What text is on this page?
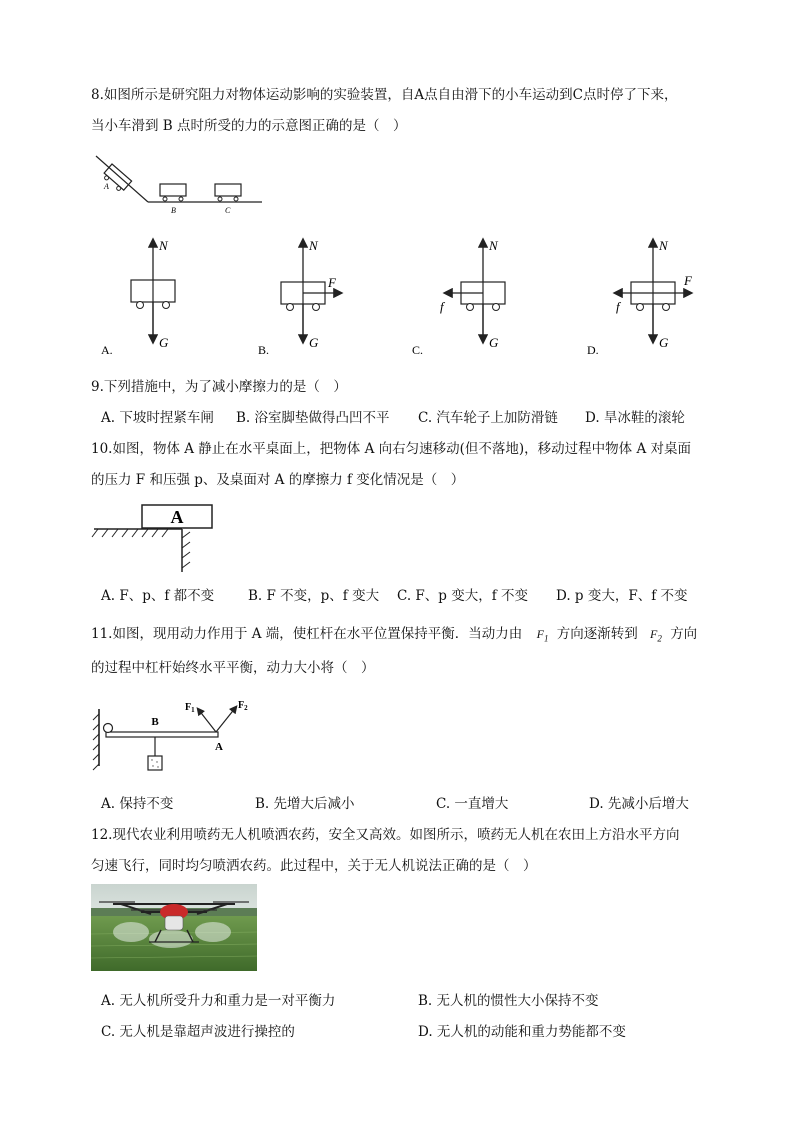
8.如图所示是研究阻力对物体运动影响的实验装置，自A点自由滑下的小车运动到C点时停了下来，
当小车滑到 B 点时所受的力的示意图正确的是（　）
A
B	C
N
G
A.
N
F
G
B.
N
f
G
C.
N
F
f
G
D.
9.下列措施中，为了减小摩擦力的是（　）
A. 下坡时捏紧车闸 B. 浴室脚垫做得凸凹不平 C. 汽车轮子上加防滑链 D. 旱冰鞋的滚轮
10.如图，物体 A 静止在水平桌面上，把物体 A 向右匀速移动(但不落地)，移动过程中物体 A 对桌面
的压力 F 和压强 p、及桌面对 A 的摩擦力 f 变化情况是（　）
A
A. F、p、f 都不变	B. F 不变，p、f 变大 C. F、p 变大，f 不变 D. p 变大，F、f 不变
11.如图，现用动力作用于 A 端，使杠杆在水平位置保持平衡．当动力由 $F_1$ 方向逐渐转到 $F_2$ 方向
的过程中杠杆始终水平平衡，动力大小将（　）
B
A
$F_1$	$F_2$
A. 保持不变	B. 先增大后减小	C. 一直增大	D. 先减小后增大
12.现代农业利用喷药无人机喷洒农药，安全又高效。如图所示，喷药无人机在农田上方沿水平方向
匀速飞行，同时均匀喷洒农药。此过程中，关于无人机说法正确的是（　）
A. 无人机所受升力和重力是一对平衡力	B. 无人机的惯性大小保持不变
C. 无人机是靠超声波进行操控的	D. 无人机的动能和重力势能都不变
